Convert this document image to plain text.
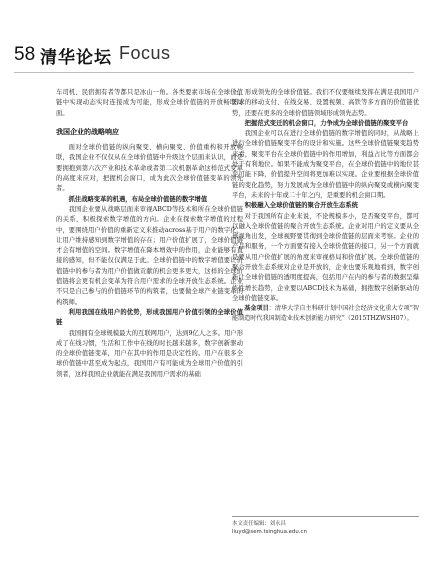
58 清华论坛 Focus

车司机、民宿拥有者等都只是冰山一角。各类要素市场在全球价值链中实现动态实时连接成为可能，形成全球价值链的开放畅联局面。

我国企业的战略响应

面对全球价值链的纵向聚变、横向聚变、价值重构和开放畅联，我国企业不仅仅从在全球价值链中升级这个层面来认识，而是要拥抱到第六次产业和技术革命或者第二次机器革命这样范式变革的高度来应对，把握机会窗口，成为此次全球价值链变革的领先者。

抓住战略变革的机遇，布局全球价值链的数字增值

我国企业要从战略层面来审视ABCD等技术和所在全球价值链的关系，积极探索数字增值的方向。企业在探索数字增值的过程中，要围绕用户价值的重新定义来推动across基于用户的数字化，让用户维持感知到数字增值的存在；用户价值扩展了，全球价值链才会有增值的空间。数字增值在降本增效中的作用，企业能够有直接的感知，但不能仅仅满足于此。全球价值链中的数字增值要让价值链中的参与者为用户价值做贡献的机会更多更大，这样的全球价值链将会更有机会变革为符合用户需求的全球开放生态系统。企业不只是自己参与的价值链环节的构筑者，也要做全球产业链变革的构筑师。

利用我国在线用户的优势，形成我国用户价值引领的全球价值链

我国拥有全球规模最大的互联网用户，达到9亿人之多。用户形成了在线习惯，生活和工作中在线的时长越来越多，数字创新驱动的全球价值链变革，用户在其中的作用是决定性的。用户在很多全球价值链中甚至成为起点，我国用户有可能成为全球用户价值的引领者，这样我国企业就能在满足我国用户需求的基础

上，形成领先的全球价值链。我们不仅要继续发挥在满足我国用户需求的移动支付、在线交易、设置视频、高铁等多方面的价值链优势，还要在更多的全球价值链领域形成领先态势。

把握范式变迁的机会窗口，力争成为全球价值链的聚变平台

我国企业可以在进行全球价值链的数字增值的同时，从战略上进行全球价值链聚变平台的设计和实施。这些全球价值链聚变趋势来看，聚变平台在全球价值链中的作用增加，利益占比等方面都会处于有利地位。如果不能成为聚变平台，在全球价值链中的地位甚至可能下降，价值提升空间将更加难以实现。企业要根据全球价值链的变化趋势，努力发展成为全球价值链中的纵向聚变或横向聚变平台，未来的十年或二十年之内，是重要的机会窗口期。

积极融入全球价值链的聚合开放生态系统

对于我国所有企业来说，不论规模多小，是否聚变平台，都可以融入全球价值链的聚合开放生态系统。企业对用户的定义要从全球视角出发，全球视野要贯彻到全球价值链的层面来考察。企业的产品和服务，一个方面要有接入全球价值链的接口，另一个方面就是要从用户价值扩展的角度来审视格局和价值扩展。全球价值链的聚合开放生态系统对企业是开放的，企业也要乐观地看到，数字创新让全球价值链的透明度提高，包括用户在内的参与者的数据呈爆炸性增长趋势，企业要以ABCD技术为基础，拥抱数字创新驱动的全球价值链变革。

基金项目：清华大学自主科研计划中国社会经济文化重大专项“智能制造时代我国制造业技术创新能力研究”（2015THZWSH07）。

本文责任编辑：刘永昌
liuyd@sem.tsinghua.edu.cn
